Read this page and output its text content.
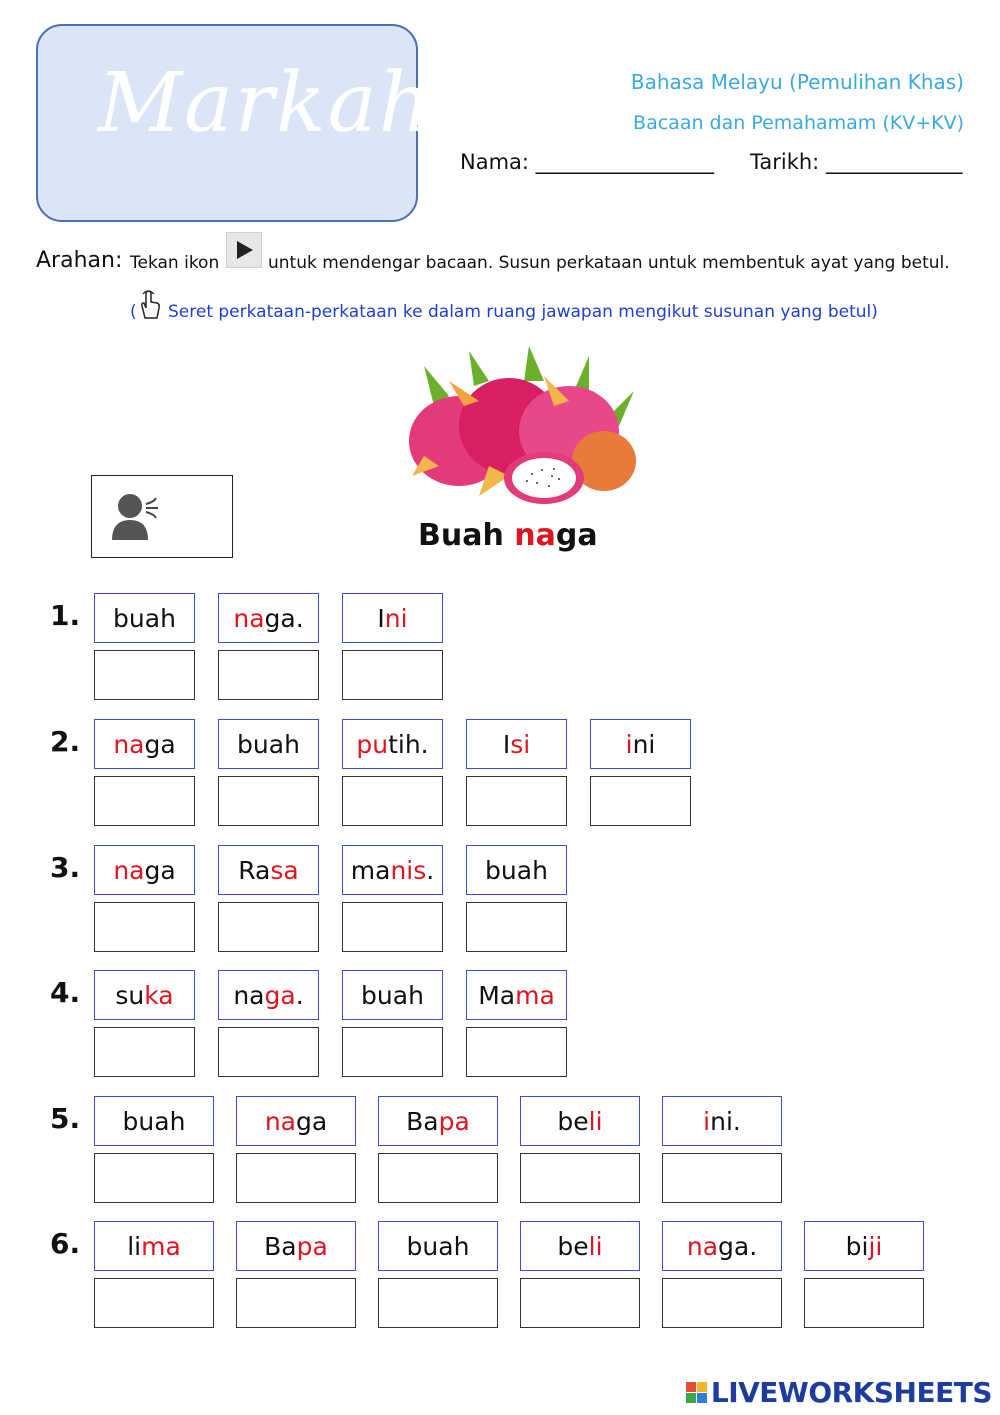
Markah	Bahasa Melayu (Pemulihan Khas)
Bacaan dan Pemahamam (KV+KV)
Nama: _________________ Tarikh: _____________
Arahan: Tekan ikon	untuk mendengar bacaan. Susun perkataan untuk membentuk ayat yang betul.
( Seret perkataan-perkataan ke dalam ruang jawapan mengikut susunan yang betul)
Buah naga
1. buah na ga.	I ni
2. na ga buah pu tih.	I si	i ni
3. na ga	Ra sa ma nis . buah
4. su ka na ga . buah Ma ma
5. buah	na ga	Ba pa	be li	i ni.
6. li ma	Ba pa	buah	be li	na ga.	bi ji
LIVEWORKSHEETS
